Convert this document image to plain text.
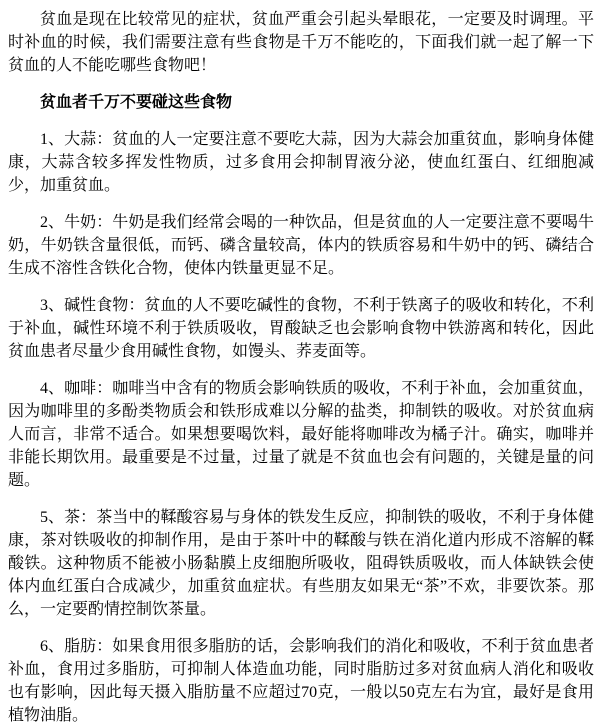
贫血是现在比较常见的症状，贫血严重会引起头晕眼花，一定要及时调理。平时补血的时候，我们需要注意有些食物是千万不能吃的，下面我们就一起了解一下贫血的人不能吃哪些食物吧！

贫血者千万不要碰这些食物

1、大蒜：贫血的人一定要注意不要吃大蒜，因为大蒜会加重贫血，影响身体健康，大蒜含较多挥发性物质，过多食用会抑制胃液分泌，使血红蛋白、红细胞减少，加重贫血。

2、牛奶：牛奶是我们经常会喝的一种饮品，但是贫血的人一定要注意不要喝牛奶，牛奶铁含量很低，而钙、磷含量较高，体内的铁质容易和牛奶中的钙、磷结合生成不溶性含铁化合物，使体内铁量更显不足。

3、碱性食物：贫血的人不要吃碱性的食物，不利于铁离子的吸收和转化，不利于补血，碱性环境不利于铁质吸收，胃酸缺乏也会影响食物中铁游离和转化，因此贫血患者尽量少食用碱性食物，如馒头、荞麦面等。

4、咖啡：咖啡当中含有的物质会影响铁质的吸收，不利于补血，会加重贫血，因为咖啡里的多酚类物质会和铁形成难以分解的盐类，抑制铁的吸收。对於贫血病人而言，非常不适合。如果想要喝饮料，最好能将咖啡改为橘子汁。确实，咖啡并非能长期饮用。最重要是不过量，过量了就是不贫血也会有问题的，关键是量的问题。

5、茶：茶当中的鞣酸容易与身体的铁发生反应，抑制铁的吸收，不利于身体健康，茶对铁吸收的抑制作用，是由于茶叶中的鞣酸与铁在消化道内形成不溶解的鞣酸铁。这种物质不能被小肠黏膜上皮细胞所吸收，阻碍铁质吸收，而人体缺铁会使体内血红蛋白合成减少，加重贫血症状。有些朋友如果无“茶”不欢，非要饮茶。那么，一定要酌情控制饮茶量。

6、脂肪：如果食用很多脂肪的话，会影响我们的消化和吸收，不利于贫血患者补血，食用过多脂肪，可抑制人体造血功能，同时脂肪过多对贫血病人消化和吸收也有影响，因此每天摄入脂肪量不应超过70克，一般以50克左右为宜，最好是食用植物油脂。
